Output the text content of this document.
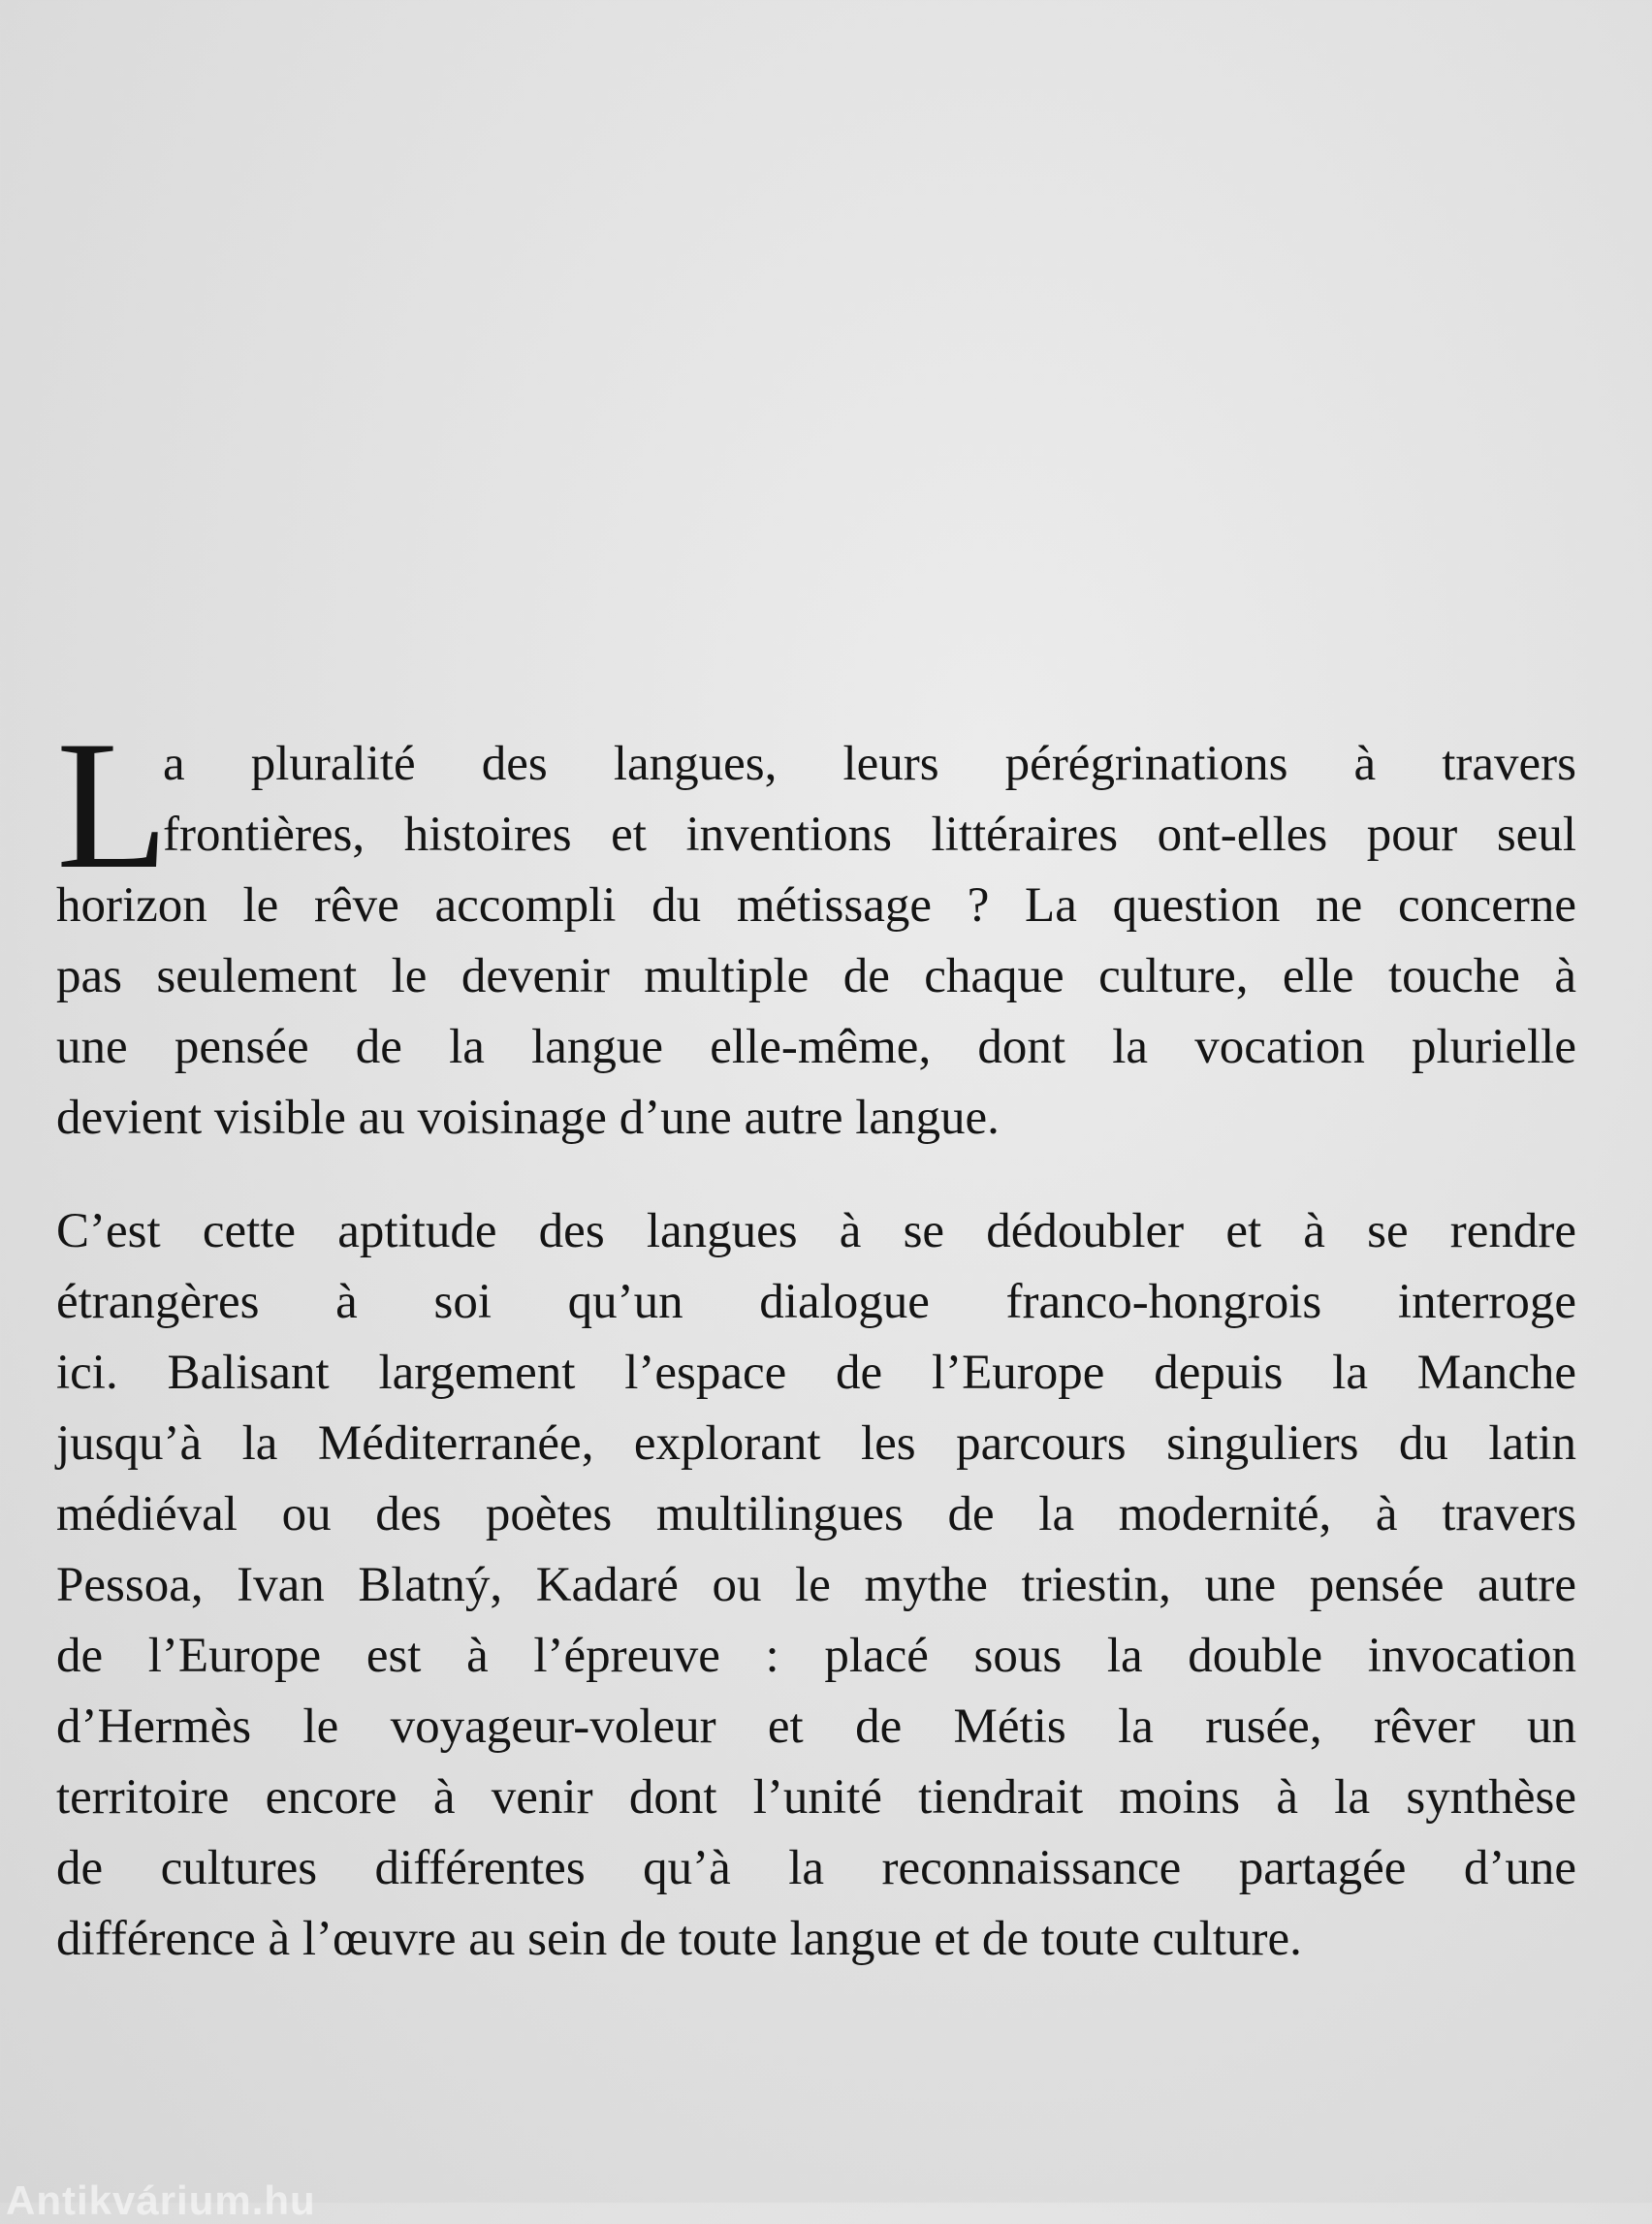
L
a pluralité des langues, leurs pérégrinations à travers
frontières, histoires et inventions littéraires ont-elles pour seul
horizon le rêve accompli du métissage ? La question ne concerne
pas seulement le devenir multiple de chaque culture, elle touche à
une pensée de la langue elle-même, dont la vocation plurielle
devient visible au voisinage d’une autre langue.
C’est cette aptitude des langues à se dédoubler et à se rendre
étrangères à soi qu’un dialogue franco-hongrois interroge
ici. Balisant largement l’espace de l’Europe depuis la Manche
jusqu’à la Méditerranée, explorant les parcours singuliers du latin
médiéval ou des poètes multilingues de la modernité, à travers
Pessoa, Ivan Blatný, Kadaré ou le mythe triestin, une pensée autre
de l’Europe est à l’épreuve : placé sous la double invocation
d’Hermès le voyageur-voleur et de Métis la rusée, rêver un
territoire encore à venir dont l’unité tiendrait moins à la synthèse
de cultures différentes qu’à la reconnaissance partagée d’une
différence à l’œuvre au sein de toute langue et de toute culture.
Antikvárium.hu
